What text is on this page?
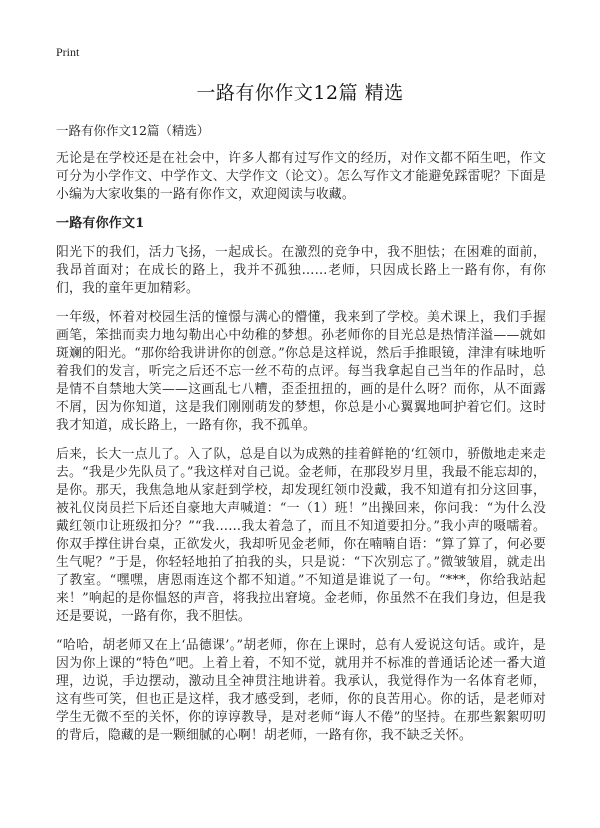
Print
一路有你作文12篇 精选
一路有你作文12篇（精选）

无论是在学校还是在社会中，许多人都有过写作文的经历，对作文都不陌生吧，作文可分为小学作文、中学作文、大学作文（论文）。怎么写作文才能避免踩雷呢？下面是小编为大家收集的一路有你作文，欢迎阅读与收藏。

一路有你作文1

阳光下的我们，活力飞扬，一起成长。在激烈的竞争中，我不胆怯；在困难的面前，我昂首面对；在成长的路上，我并不孤独……老师，只因成长路上一路有你，有你们，我的童年更加精彩。

一年级，怀着对校园生活的憧憬与满心的懵懂，我来到了学校。美术课上，我们手握画笔，笨拙而卖力地勾勒出心中幼稚的梦想。孙老师你的目光总是热情洋溢——就如斑斓的阳光。“那你给我讲讲你的创意。”你总是这样说，然后手推眼镜，津津有味地听着我们的发言，听完之后还不忘一丝不苟的点评。每当我拿起自己当年的作品时，总是情不自禁地大笑——这画乱七八糟，歪歪扭扭的，画的是什么呀？而你，从不面露不屑，因为你知道，这是我们刚刚萌发的梦想，你总是小心翼翼地呵护着它们。这时我才知道，成长路上，一路有你，我不孤单。

后来，长大一点儿了。入了队，总是自以为成熟的挂着鲜艳的‘红领巾，骄傲地走来走去。“我是少先队员了。”我这样对自己说。金老师，在那段岁月里，我最不能忘却的，是你。那天，我焦急地从家赶到学校，却发现红领巾没戴，我不知道有扣分这回事，被礼仪岗员拦下后还自豪地大声喊道：“一（1）班！”出操回来，你问我：“为什么没戴红领巾让班级扣分？”“我……我太着急了，而且不知道要扣分。”我小声的嗫嚅着。你双手撑住讲台桌，正欲发火，我却听见金老师，你在喃喃自语：“算了算了，何必要生气呢？”于是，你轻轻地拍了拍我的头，只是说：“下次别忘了。”微皱皱眉，就走出了教室。“嘿嘿，唐恩雨连这个都不知道。”不知道是谁说了一句。“***，你给我站起来！”响起的是你愠怒的声音，将我拉出窘境。金老师，你虽然不在我们身边，但是我还是要说，一路有你，我不胆怯。

“哈哈，胡老师又在上‘品德课’。”胡老师，你在上课时，总有人爱说这句话。或许，是因为你上课的“特色”吧。上着上着，不知不觉，就用并不标准的普通话论述一番大道理，边说，手边摆动，激动且全神贯注地讲着。我承认，我觉得作为一名体育老师，这有些可笑，但也正是这样，我才感受到，老师，你的良苦用心。你的话，是老师对学生无微不至的关怀，你的谆谆教导，是对老师“诲人不倦”的坚持。在那些絮絮叨叨的背后，隐藏的是一颗细腻的心啊！胡老师，一路有你，我不缺乏关怀。
